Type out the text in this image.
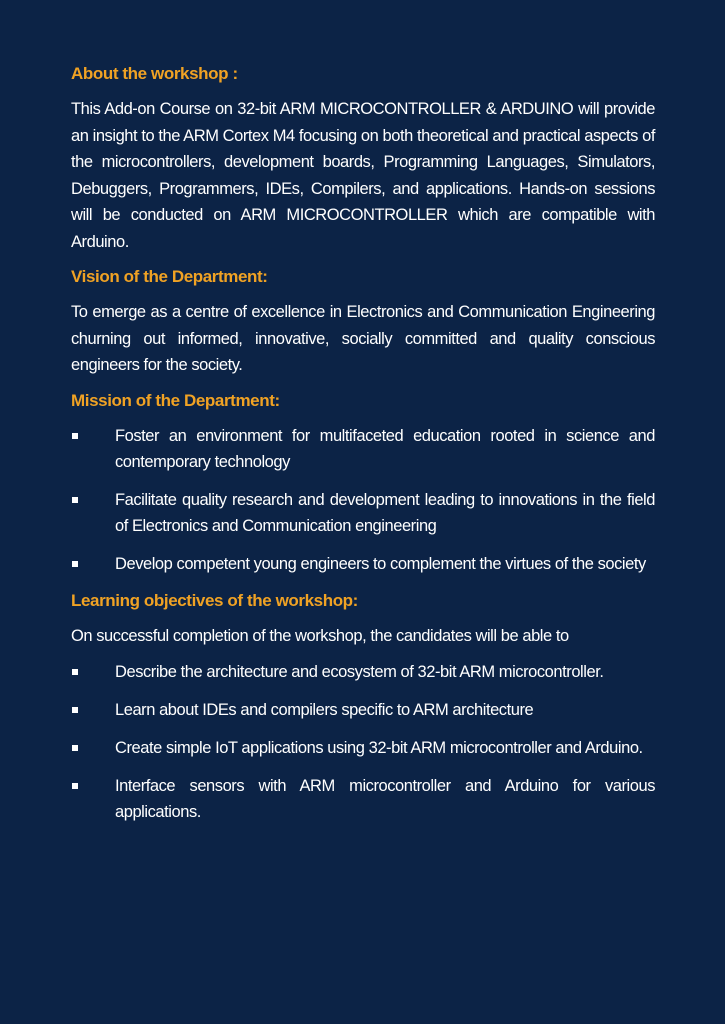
About the workshop :

This Add-on Course on 32-bit ARM MICROCONTROLLER & ARDUINO will provide an insight to the ARM Cortex M4 focusing on both theoretical and practical aspects of the microcontrollers, development boards, Programming Languages, Simulators, Debuggers, Programmers, IDEs, Compilers, and applications. Hands-on sessions will be conducted on ARM MICROCONTROLLER which are compatible with Arduino.

Vision of the Department:

To emerge as a centre of excellence in Electronics and Communication Engineering churning out informed, innovative, socially committed and quality conscious engineers for the society.

Mission of the Department:
Foster an environment for multifaceted education rooted in science and contemporary technology
Facilitate quality research and development leading to innovations in the field of Electronics and Communication engineering
Develop competent young engineers to complement the virtues of the society
Learning objectives of the workshop:

On successful completion of the workshop, the candidates will be able to

Describe the architecture and ecosystem of 32-bit ARM microcontroller.
Learn about IDEs and compilers specific to ARM architecture
Create simple IoT applications using 32-bit ARM microcontroller and Arduino.
Interface sensors with ARM microcontroller and Arduino for various applications.
